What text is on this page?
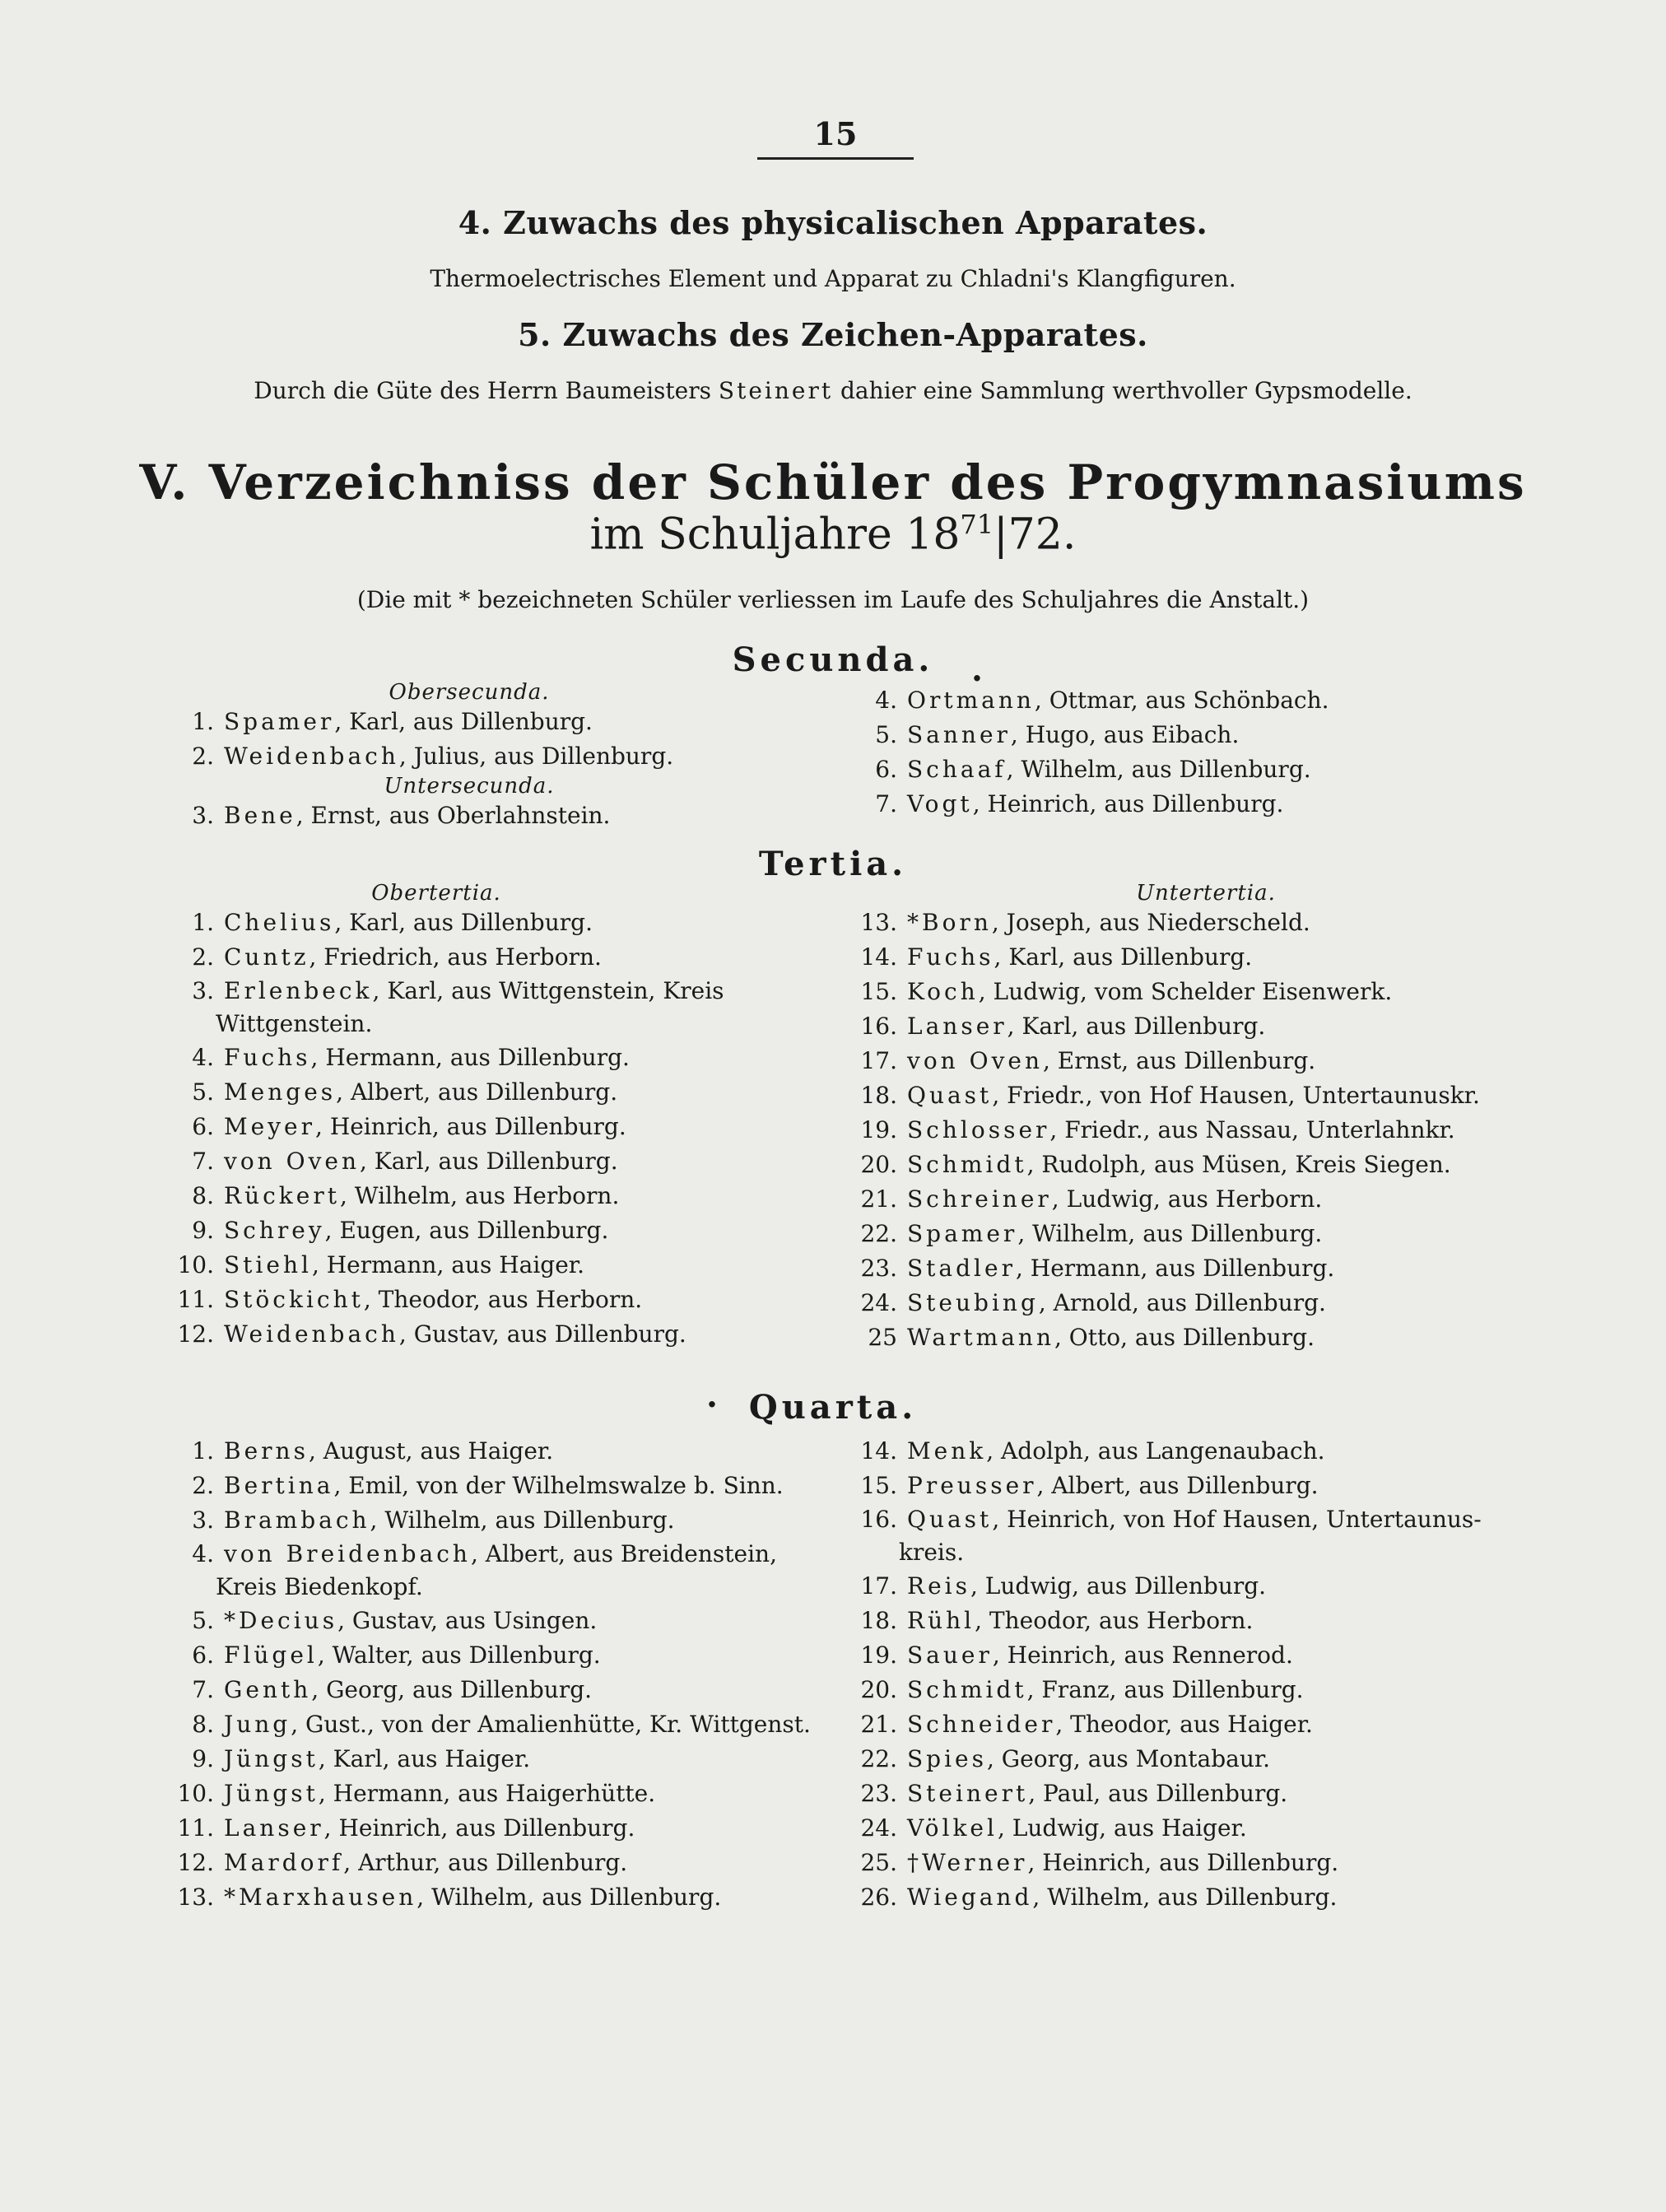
15
4. Zuwachs des physicalischen Apparates.
Thermoelectrisches Element und Apparat zu Chladni's Klangfiguren.
5. Zuwachs des Zeichen-Apparates.
Durch die Güte des Herrn Baumeisters Steinert dahier eine Sammlung werthvoller Gypsmodelle.
V. Verzeichniss der Schüler des Progymnasiums
im Schuljahre $18^{71}|72$.
(Die mit * bezeichneten Schüler verliessen im Laufe des Schuljahres die Anstalt.)
Secunda.	.
Obersecunda.
1. Spamer, Karl, aus Dillenburg.
2. Weidenbach, Julius, aus Dillenburg.
Untersecunda.
3. Bene, Ernst, aus Oberlahnstein.
4. Ortmann, Ottmar, aus Schönbach.
5. Sanner, Hugo, aus Eibach.
6. Schaaf, Wilhelm, aus Dillenburg.
7. Vogt, Heinrich, aus Dillenburg.
Tertia.
Obertertia.
1. Chelius, Karl, aus Dillenburg.
2. Cuntz, Friedrich, aus Herborn.
3. Erlenbeck, Karl, aus Wittgenstein, Kreis
Wittgenstein.
4. Fuchs, Hermann, aus Dillenburg.
5. Menges, Albert, aus Dillenburg.
6. Meyer, Heinrich, aus Dillenburg.
7. von Oven, Karl, aus Dillenburg.
8. Rückert, Wilhelm, aus Herborn.
9. Schrey, Eugen, aus Dillenburg.
10. Stiehl, Hermann, aus Haiger.
11. Stöckicht, Theodor, aus Herborn.
12. Weidenbach, Gustav, aus Dillenburg.
Untertertia.
13. *Born, Joseph, aus Niederscheld.
14. Fuchs, Karl, aus Dillenburg.
15. Koch, Ludwig, vom Schelder Eisenwerk.
16. Lanser, Karl, aus Dillenburg.
17. von Oven, Ernst, aus Dillenburg.
18. Quast, Friedr., von Hof Hausen, Untertaunuskr.
19. Schlosser, Friedr., aus Nassau, Unterlahnkr.
20. Schmidt, Rudolph, aus Müsen, Kreis Siegen.
21. Schreiner, Ludwig, aus Herborn.
22. Spamer, Wilhelm, aus Dillenburg.
23. Stadler, Hermann, aus Dillenburg.
24. Steubing, Arnold, aus Dillenburg.
25 Wartmann, Otto, aus Dillenburg.
. Quarta.
1. Berns, August, aus Haiger.
2. Bertina, Emil, von der Wilhelmswalze b. Sinn.
3. Brambach, Wilhelm, aus Dillenburg.
4. von Breidenbach, Albert, aus Breidenstein,
Kreis Biedenkopf.
5. *Decius, Gustav, aus Usingen.
6. Flügel, Walter, aus Dillenburg.
7. Genth, Georg, aus Dillenburg.
8. Jung, Gust., von der Amalienhütte, Kr. Wittgenst.
9. Jüngst, Karl, aus Haiger.
10. Jüngst, Hermann, aus Haigerhütte.
11. Lanser, Heinrich, aus Dillenburg.
12. Mardorf, Arthur, aus Dillenburg.
13. *Marxhausen, Wilhelm, aus Dillenburg.
14. Menk, Adolph, aus Langenaubach.
15. Preusser, Albert, aus Dillenburg.
16. Quast, Heinrich, von Hof Hausen, Untertaunus-
kreis.
17. Reis, Ludwig, aus Dillenburg.
18. Rühl, Theodor, aus Herborn.
19. Sauer, Heinrich, aus Rennerod.
20. Schmidt, Franz, aus Dillenburg.
21. Schneider, Theodor, aus Haiger.
22. Spies, Georg, aus Montabaur.
23. Steinert, Paul, aus Dillenburg.
24. Völkel, Ludwig, aus Haiger.
25. †Werner, Heinrich, aus Dillenburg.
26. Wiegand, Wilhelm, aus Dillenburg.
